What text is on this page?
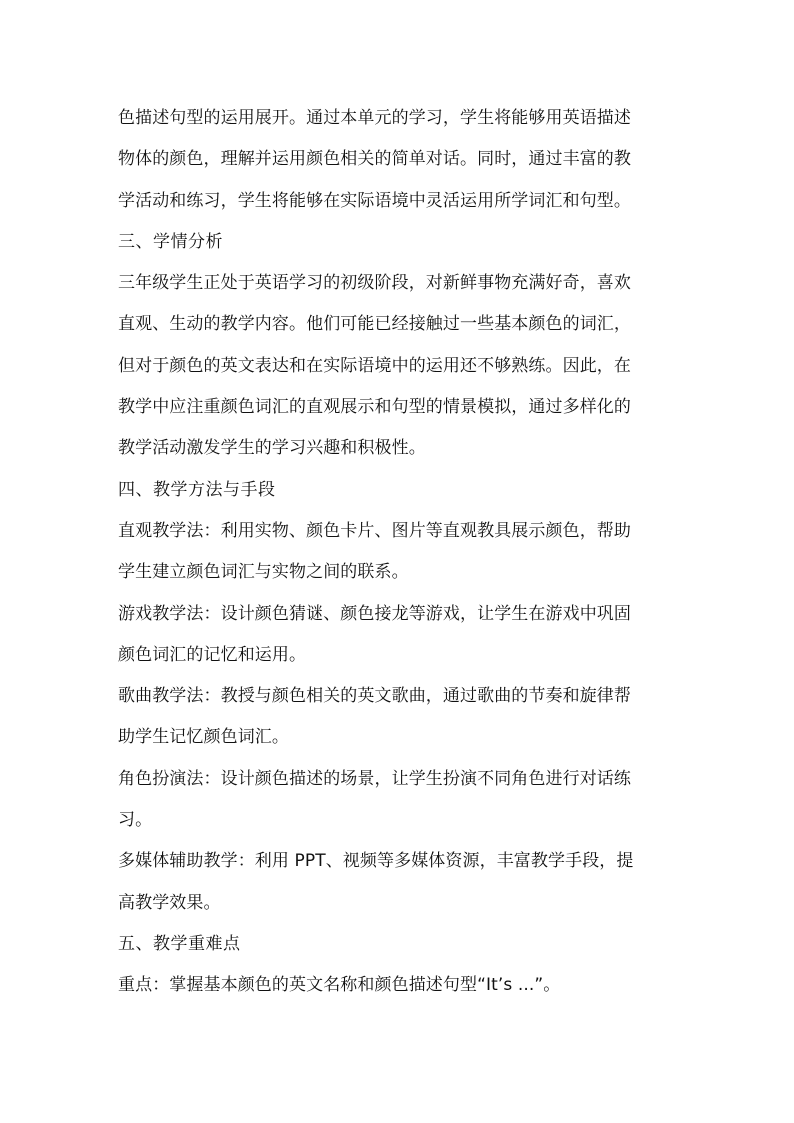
色描述句型的运用展开。通过本单元的学习，学生将能够用英语描述
物体的颜色，理解并运用颜色相关的简单对话。同时，通过丰富的教
学活动和练习，学生将能够在实际语境中灵活运用所学词汇和句型。
三、学情分析
三年级学生正处于英语学习的初级阶段，对新鲜事物充满好奇，喜欢
直观、生动的教学内容。他们可能已经接触过一些基本颜色的词汇，
但对于颜色的英文表达和在实际语境中的运用还不够熟练。因此，在
教学中应注重颜色词汇的直观展示和句型的情景模拟，通过多样化的
教学活动激发学生的学习兴趣和积极性。
四、教学方法与手段
直观教学法：利用实物、颜色卡片、图片等直观教具展示颜色，帮助
学生建立颜色词汇与实物之间的联系。
游戏教学法：设计颜色猜谜、颜色接龙等游戏，让学生在游戏中巩固
颜色词汇的记忆和运用。
歌曲教学法：教授与颜色相关的英文歌曲，通过歌曲的节奏和旋律帮
助学生记忆颜色词汇。
角色扮演法：设计颜色描述的场景，让学生扮演不同角色进行对话练
习。
多媒体辅助教学：利用 PPT、视频等多媒体资源，丰富教学手段，提
高教学效果。
五、教学重难点
重点：掌握基本颜色的英文名称和颜色描述句型“It’s ...”。
